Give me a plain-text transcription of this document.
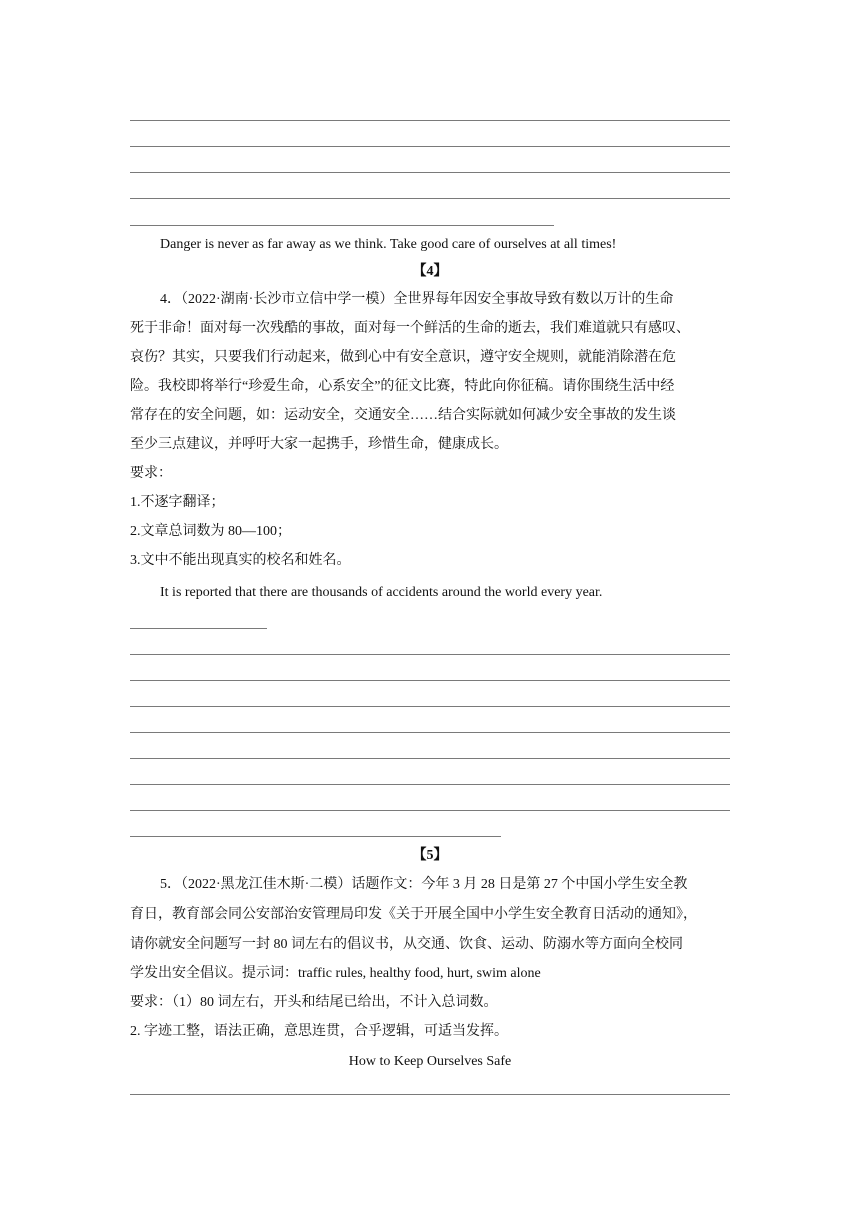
Danger is never as far away as we think. Take good care of ourselves at all times!
【4】
4．（2022·湖南·长沙市立信中学一模）全世界每年因安全事故导致有数以万计的生命
死于非命！面对每一次残酷的事故，面对每一个鲜活的生命的逝去，我们难道就只有感叹、
哀伤？其实，只要我们行动起来，做到心中有安全意识，遵守安全规则，就能消除潜在危
险。我校即将举行“珍爱生命，心系安全”的征文比赛，特此向你征稿。请你围绕生活中经
常存在的安全问题，如：运动安全，交通安全……结合实际就如何减少安全事故的发生谈
至少三点建议，并呼吁大家一起携手，珍惜生命，健康成长。
要求：
1.不逐字翻译；
2.文章总词数为 80—100；
3.文中不能出现真实的校名和姓名。
It is reported that there are thousands of accidents around the world every year.
【5】
5．（2022·黑龙江佳木斯·二模）话题作文：今年 3 月 28 日是第 27 个中国小学生安全教
育日，教育部会同公安部治安管理局印发《关于开展全国中小学生安全教育日活动的通知》，
请你就安全问题写一封 80 词左右的倡议书，从交通、饮食、运动、防溺水等方面向全校同
学发出安全倡议。提示词：traffic rules, healthy food, hurt, swim alone
要求：（1）80 词左右，开头和结尾已给出，不计入总词数。
2. 字迹工整，语法正确，意思连贯，合乎逻辑，可适当发挥。
How to Keep Ourselves Safe
